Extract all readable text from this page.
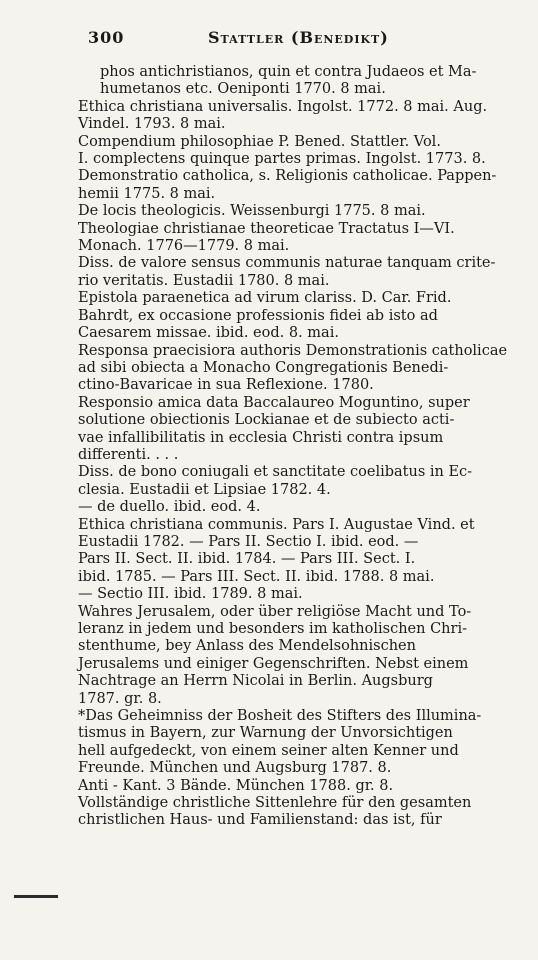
300	Stattler (Benedikt)
phos antichristianos, quin et contra Judaeos et Ma-
humetanos etc. Oeniponti 1770. 8 mai.
Ethica christiana universalis. Ingolst. 1772. 8 mai. Aug.
Vindel. 1793. 8 mai.
Compendium philosophiae P. Bened. Stattler. Vol.
I. complectens quinque partes primas. Ingolst. 1773. 8.
Demonstratio catholica, s. Religionis catholicae. Pappen-
hemii 1775. 8 mai.
De locis theologicis. Weissenburgi 1775. 8 mai.
Theologiae christianae theoreticae Tractatus I—VI.
Monach. 1776—1779. 8 mai.
Diss. de valore sensus communis naturae tanquam crite-
rio veritatis. Eustadii 1780. 8 mai.
Epistola paraenetica ad virum clariss. D. Car. Frid.
Bahrdt, ex occasione professionis fidei ab isto ad
Caesarem missae. ibid. eod. 8. mai.
Responsa praecisiora authoris Demonstrationis catholicae
ad sibi obiecta a Monacho Congregationis Benedi-
ctino-Bavaricae in sua Reflexione. 1780.
Responsio amica data Baccalaureo Moguntino, super
solutione obiectionis Lockianae et de subiecto acti-
vae infallibilitatis in ecclesia Christi contra ipsum
differenti. . . .
Diss. de bono coniugali et sanctitate coelibatus in Ec-
clesia. Eustadii et Lipsiae 1782. 4.
— de duello. ibid. eod. 4.
Ethica christiana communis. Pars I. Augustae Vind. et
Eustadii 1782. — Pars II. Sectio I. ibid. eod. —
Pars II. Sect. II. ibid. 1784. — Pars III. Sect. I.
ibid. 1785. — Pars III. Sect. II. ibid. 1788. 8 mai.
— Sectio III. ibid. 1789. 8 mai.
Wahres Jerusalem, oder über religiöse Macht und To-
leranz in jedem und besonders im katholischen Chri-
stenthume, bey Anlass des Mendelsohnischen
Jerusalems und einiger Gegenschriften. Nebst einem
Nachtrage an Herrn Nicolai in Berlin. Augsburg
1787. gr. 8.
*Das Geheimniss der Bosheit des Stifters des Illumina-
tismus in Bayern, zur Warnung der Unvorsichtigen
hell aufgedeckt, von einem seiner alten Kenner und
Freunde. München und Augsburg 1787. 8.
Anti - Kant. 3 Bände. München 1788. gr. 8.
Vollständige christliche Sittenlehre für den gesamten
christlichen Haus- und Familienstand: das ist, für
